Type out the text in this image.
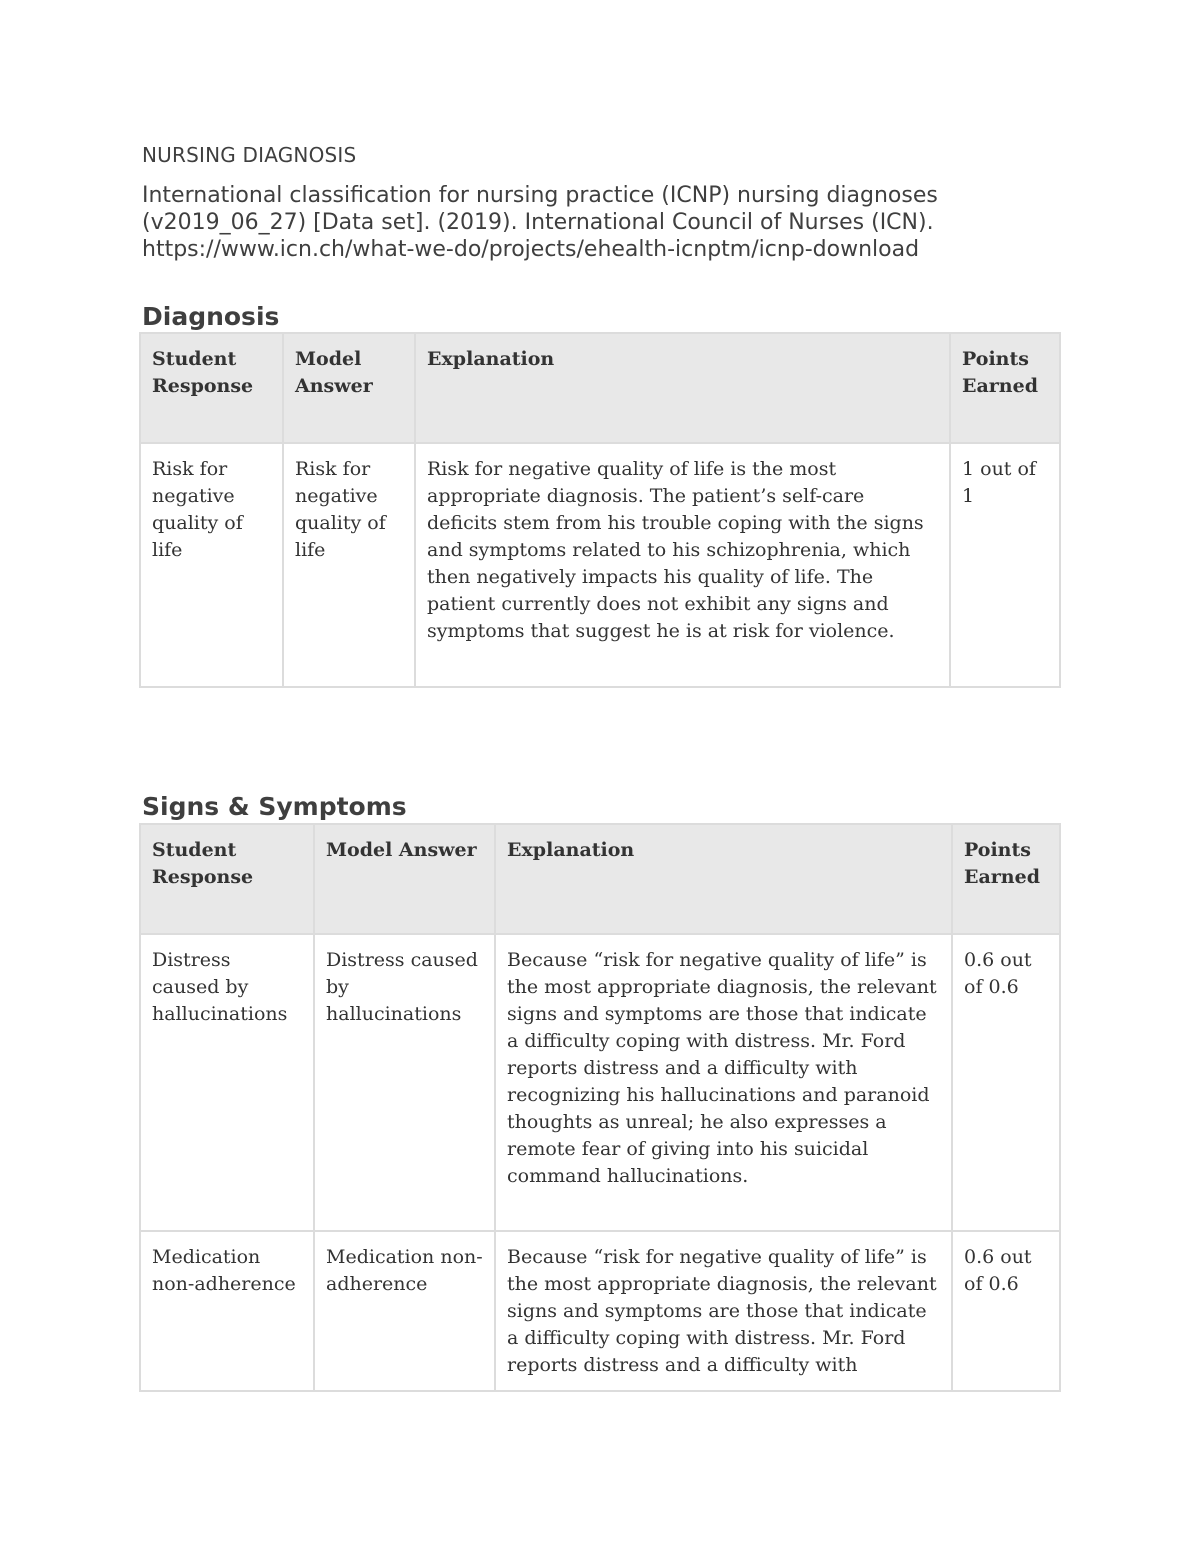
NURSING DIAGNOSIS
International classification for nursing practice (ICNP) nursing diagnoses
(v2019_06_27) [Data set]. (2019). International Council of Nurses (ICN).
https://www.icn.ch/what-we-do/projects/ehealth-icnptm/icnp-download
Diagnosis
Student Response	Model Answer	Explanation	Points Earned
Risk for negative quality of life	Risk for negative quality of life	Risk for negative quality of life is the most appropriate diagnosis. The patient’s self-care deficits stem from his trouble coping with the signs and symptoms related to his schizophrenia, which then negatively impacts his quality of life. The patient currently does not exhibit any signs and symptoms that suggest he is at risk for violence.	1 out of 1
Signs & Symptoms
Student Response	Model Answer	Explanation	Points Earned
Distress caused by hallucinations	Distress caused by hallucinations	Because “risk for negative quality of life” is the most appropriate diagnosis, the relevant signs and symptoms are those that indicate a difficulty coping with distress. Mr. Ford reports distress and a difficulty with recognizing his hallucinations and paranoid thoughts as unreal; he also expresses a remote fear of giving into his suicidal command hallucinations.	0.6 out of 0.6
Medication non-adherence	Medication non-adherence	Because “risk for negative quality of life” is the most appropriate diagnosis, the relevant signs and symptoms are those that indicate a difficulty coping with distress. Mr. Ford reports distress and a difficulty with	0.6 out of 0.6
